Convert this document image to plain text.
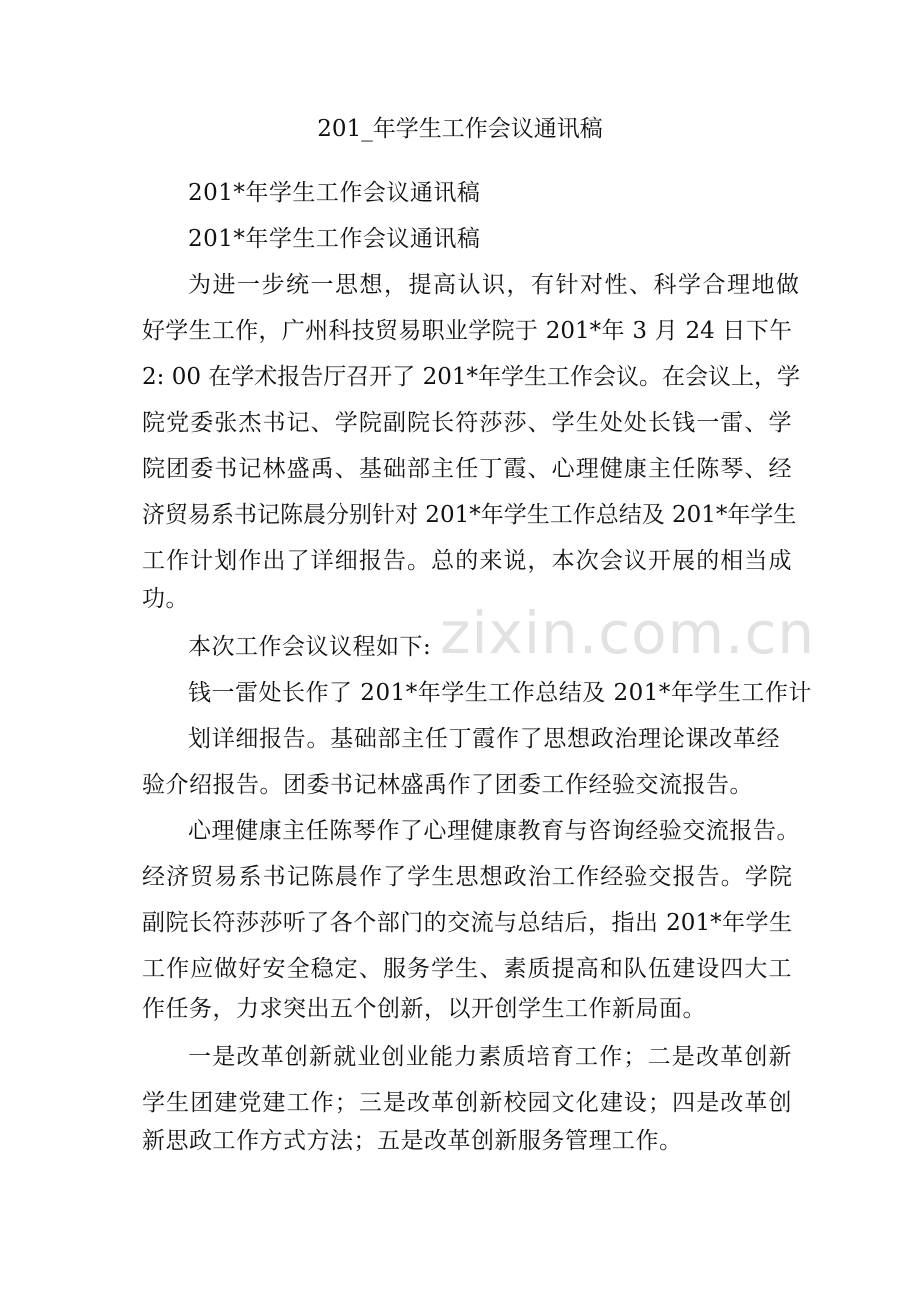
zixin.com.cn
201_年学生工作会议通讯稿
201*年学生工作会议通讯稿
201*年学生工作会议通讯稿
为进一步统一思想，提高认识，有针对性、科学合理地做
好学生工作，广州科技贸易职业学院于 201*年 3 月 24 日下午
2: 00 在学术报告厅召开了 201*年学生工作会议。在会议上，学
院党委张杰书记、学院副院长符莎莎、学生处处长钱一雷、学
院团委书记林盛禹、基础部主任丁霞、心理健康主任陈琴、经
济贸易系书记陈晨分别针对 201*年学生工作总结及 201*年学生
工作计划作出了详细报告。总的来说，本次会议开展的相当成
功。
本次工作会议议程如下:
钱一雷处长作了 201*年学生工作总结及 201*年学生工作计
划详细报告。基础部主任丁霞作了思想政治理论课改革经
验介绍报告。团委书记林盛禹作了团委工作经验交流报告。
心理健康主任陈琴作了心理健康教育与咨询经验交流报告。
经济贸易系书记陈晨作了学生思想政治工作经验交报告。学院
副院长符莎莎听了各个部门的交流与总结后，指出 201*年学生
工作应做好安全稳定、服务学生、素质提高和队伍建设四大工
作任务，力求突出五个创新，以开创学生工作新局面。
一是改革创新就业创业能力素质培育工作；二是改革创新
学生团建党建工作；三是改革创新校园文化建设；四是改革创
新思政工作方式方法；五是改革创新服务管理工作。
